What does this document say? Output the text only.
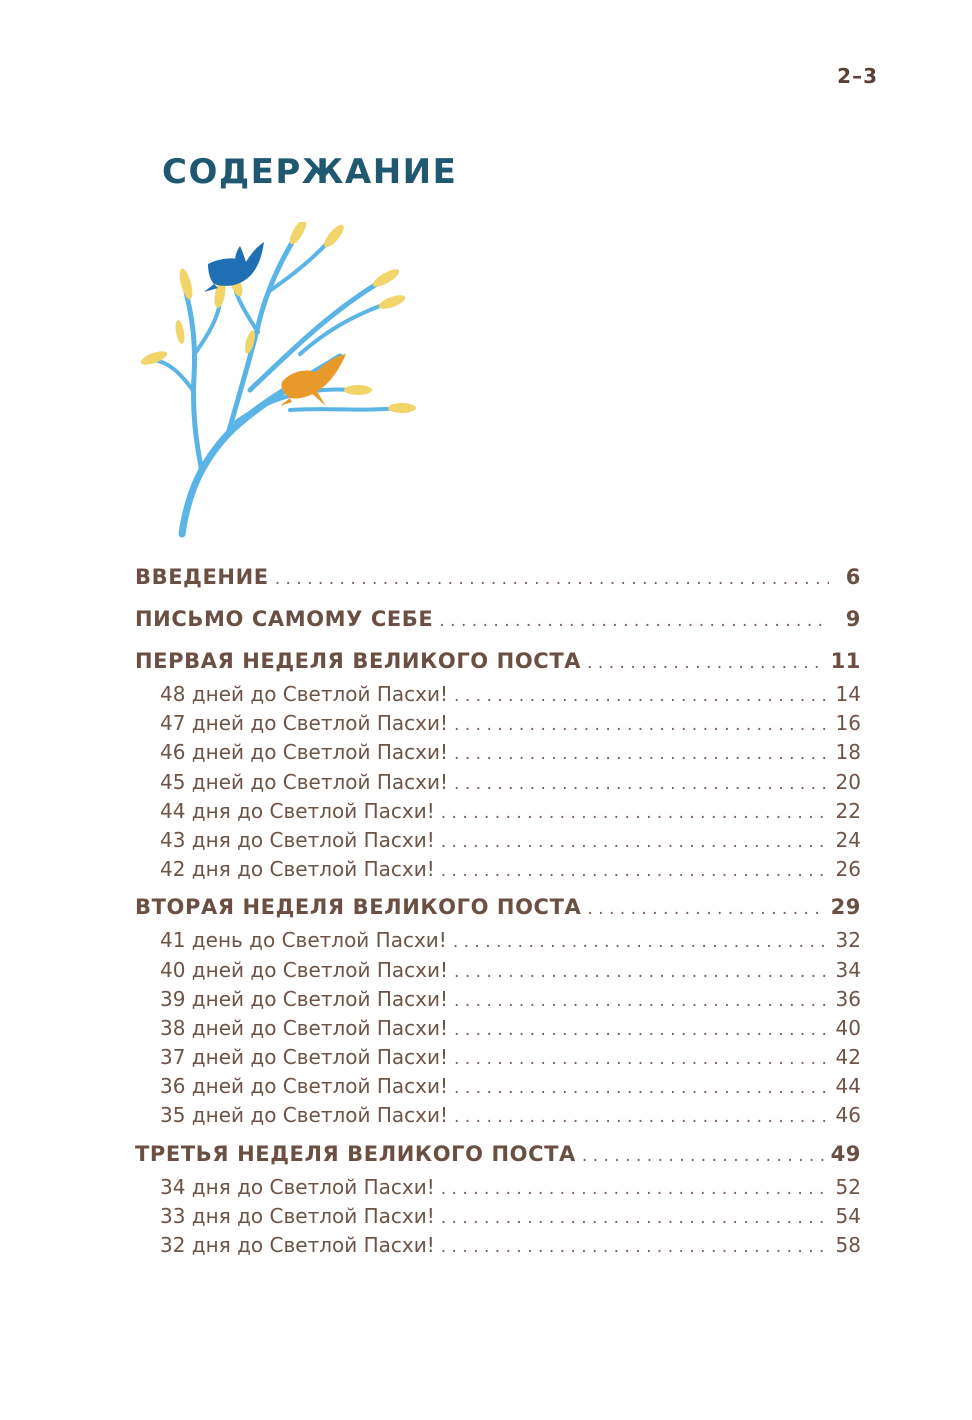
2–3
СОДЕРЖАНИЕ
ВВЕДЕНИЕ . . .	6
ПИСЬМО САМОМУ СЕБЕ . . .	9
ПЕРВАЯ НЕДЕЛЯ ВЕЛИКОГО ПОСТА . . .	11
48 дней до Светлой Пасхи! . . .	14
47 дней до Светлой Пасхи! . . .	16
46 дней до Светлой Пасхи! . . .	18
45 дней до Светлой Пасхи! . . .	20
44 дня до Светлой Пасхи! . . .	22
43 дня до Светлой Пасхи! . . .	24
42 дня до Светлой Пасхи! . . .	26
ВТОРАЯ НЕДЕЛЯ ВЕЛИКОГО ПОСТА . . .	29
41 день до Светлой Пасхи! . . .	32
40 дней до Светлой Пасхи! . . .	34
39 дней до Светлой Пасхи! . . .	36
38 дней до Светлой Пасхи! . . .	40
37 дней до Светлой Пасхи! . . .	42
36 дней до Светлой Пасхи! . . .	44
35 дней до Светлой Пасхи! . . .	46
ТРЕТЬЯ НЕДЕЛЯ ВЕЛИКОГО ПОСТА . . .	49
34 дня до Светлой Пасхи! . . .	52
33 дня до Светлой Пасхи! . . .	54
32 дня до Светлой Пасхи! . . .	58
